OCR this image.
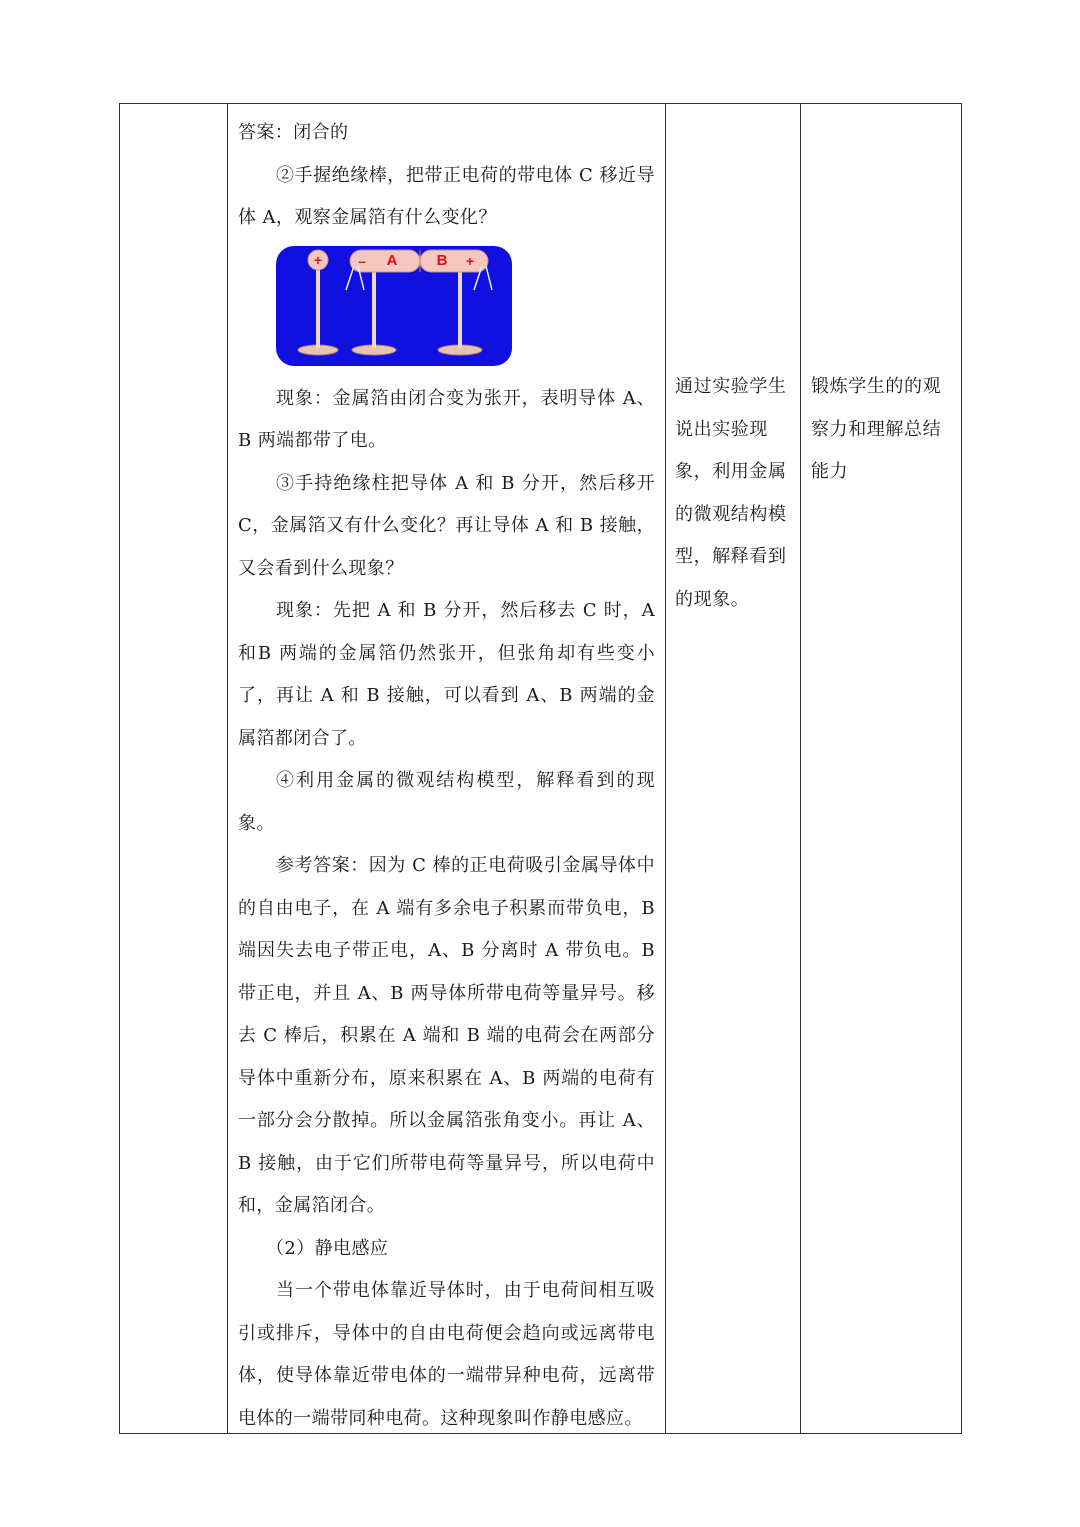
答案：闭合的

②手握绝缘棒，把带正电荷的带电体 C 移近导体 A，观察金属箔有什么变化？

+	– A	B +

现象：金属箔由闭合变为张开，表明导体 A、B 两端都带了电。

③手持绝缘柱把导体 A 和 B 分开，然后移开 C，金属箔又有什么变化？再让导体 A 和 B 接触，又会看到什么现象？

现象：先把 A 和 B 分开，然后移去 C 时，A 和B 两端的金属箔仍然张开，但张角却有些变小了，再让 A 和 B 接触，可以看到 A、B 两端的金属箔都闭合了。

④利用金属的微观结构模型，解释看到的现象。

参考答案：因为 C 棒的正电荷吸引金属导体中的自由电子，在 A 端有多余电子积累而带负电，B 端因失去电子带正电，A、B 分离时 A 带负电。B 带正电，并且 A、B 两导体所带电荷等量异号。移去 C 棒后，积累在 A 端和 B 端的电荷会在两部分导体中重新分布，原来积累在 A、B 两端的电荷有一部分会分散掉。所以金属箔张角变小。再让 A、B 接触，由于它们所带电荷等量异号，所以电荷中和，金属箔闭合。

（2）静电感应

当一个带电体靠近导体时，由于电荷间相互吸引或排斥，导体中的自由电荷便会趋向或远离带电体，使导体靠近带电体的一端带异种电荷，远离带电体的一端带同种电荷。这种现象叫作静电感应。

通过实验学生说出实验现象，利用金属的微观结构模型，解释看到的现象。

锻炼学生的的观察力和理解总结能力
